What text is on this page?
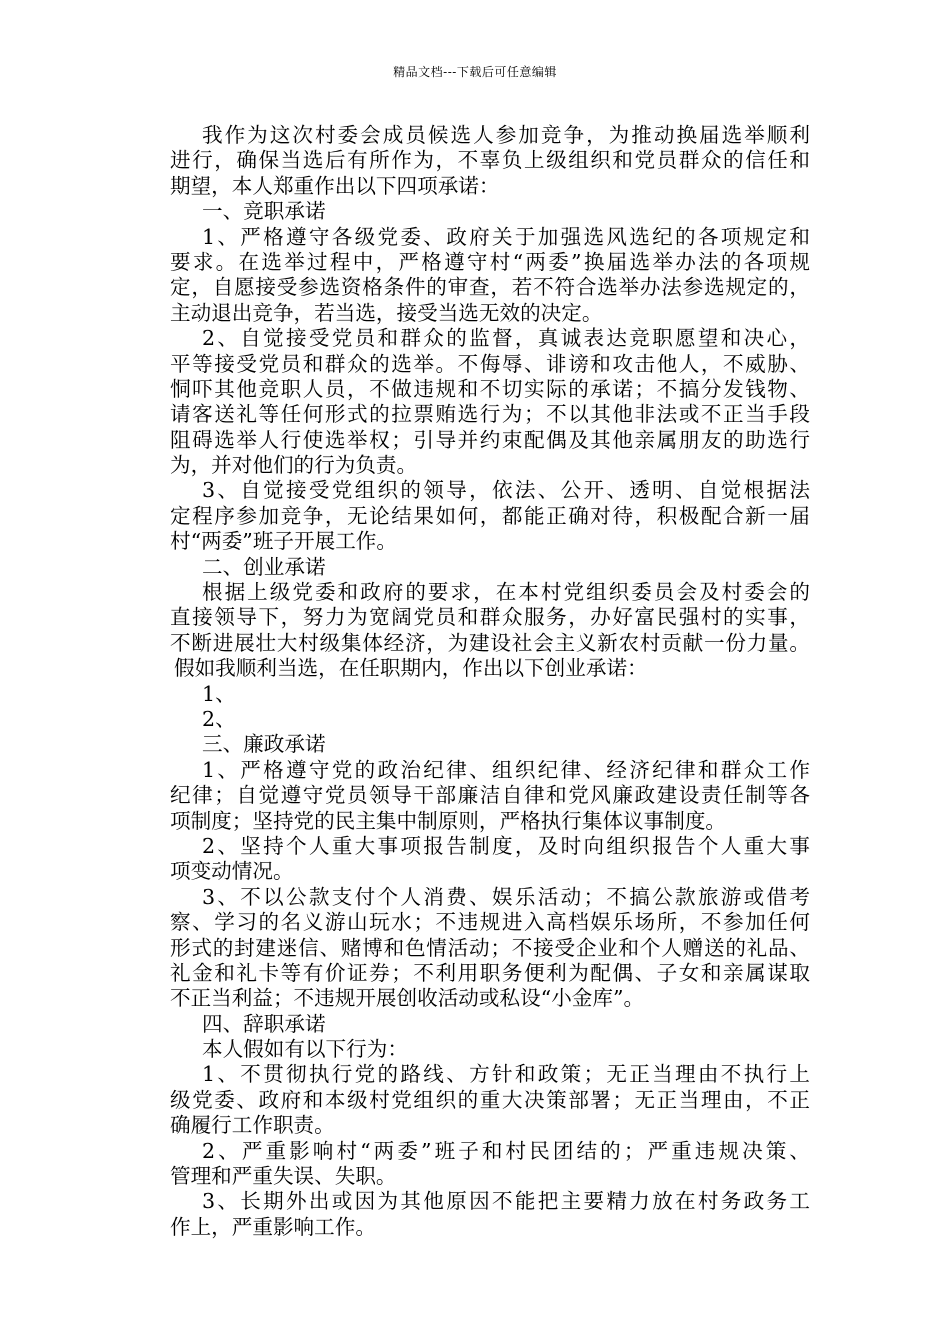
精品文档---下载后可任意编辑
我作为这次村委会成员候选人参加竞争，为推动换届选举顺利
进行，确保当选后有所作为，不辜负上级组织和党员群众的信任和
期望，本人郑重作出以下四项承诺：
一、竞职承诺
1、严格遵守各级党委、政府关于加强选风选纪的各项规定和
要求。在选举过程中，严格遵守村“两委”换届选举办法的各项规
定，自愿接受参选资格条件的审查，若不符合选举办法参选规定的，
主动退出竞争，若当选，接受当选无效的决定。
2、自觉接受党员和群众的监督，真诚表达竞职愿望和决心，
平等接受党员和群众的选举。不侮辱、诽谤和攻击他人，不威胁、
恫吓其他竞职人员，不做违规和不切实际的承诺；不搞分发钱物、
请客送礼等任何形式的拉票贿选行为；不以其他非法或不正当手段
阻碍选举人行使选举权；引导并约束配偶及其他亲属朋友的助选行
为，并对他们的行为负责。
3、自觉接受党组织的领导，依法、公开、透明、自觉根据法
定程序参加竞争，无论结果如何，都能正确对待，积极配合新一届
村“两委”班子开展工作。
二、创业承诺
根据上级党委和政府的要求，在本村党组织委员会及村委会的
直接领导下，努力为宽阔党员和群众服务，办好富民强村的实事，
不断进展壮大村级集体经济，为建设社会主义新农村贡献一份力量。
假如我顺利当选，在任职期内，作出以下创业承诺：
1、
2、
三、廉政承诺
1、严格遵守党的政治纪律、组织纪律、经济纪律和群众工作
纪律；自觉遵守党员领导干部廉洁自律和党风廉政建设责任制等各
项制度；坚持党的民主集中制原则，严格执行集体议事制度。
2、坚持个人重大事项报告制度，及时向组织报告个人重大事
项变动情况。
3、不以公款支付个人消费、娱乐活动；不搞公款旅游或借考
察、学习的名义游山玩水；不违规进入高档娱乐场所，不参加任何
形式的封建迷信、赌博和色情活动；不接受企业和个人赠送的礼品、
礼金和礼卡等有价证券；不利用职务便利为配偶、子女和亲属谋取
不正当利益；不违规开展创收活动或私设“小金库”。
四、辞职承诺
本人假如有以下行为：
1、不贯彻执行党的路线、方针和政策；无正当理由不执行上
级党委、政府和本级村党组织的重大决策部署；无正当理由，不正
确履行工作职责。
2、严重影响村“两委”班子和村民团结的；严重违规决策、
管理和严重失误、失职。
3、长期外出或因为其他原因不能把主要精力放在村务政务工
作上，严重影响工作。
